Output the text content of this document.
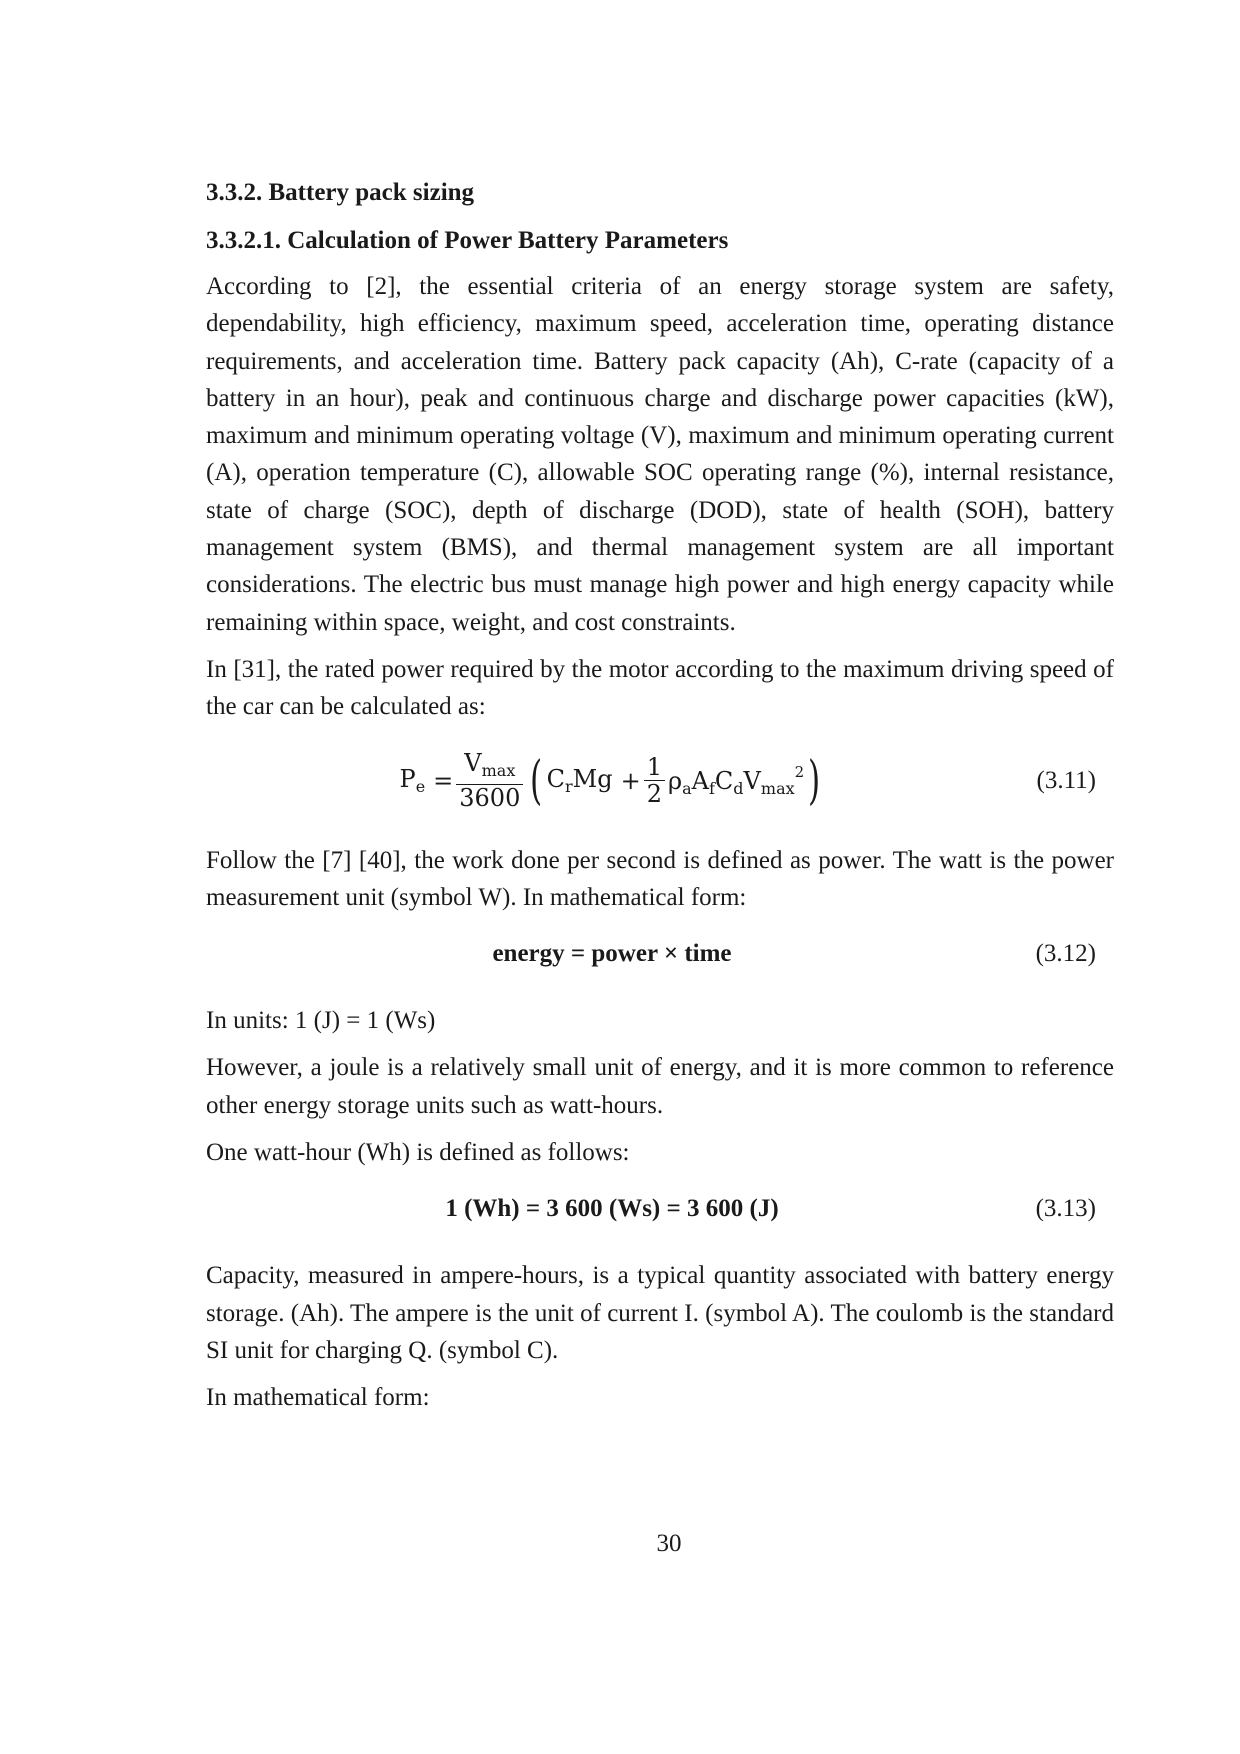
3.3.2. Battery pack sizing
3.3.2.1. Calculation of Power Battery Parameters

According to [2], the essential criteria of an energy storage system are safety, dependability, high efficiency, maximum speed, acceleration time, operating distance requirements, and acceleration time. Battery pack capacity (Ah), C-rate (capacity of a battery in an hour), peak and continuous charge and discharge power capacities (kW), maximum and minimum operating voltage (V), maximum and minimum operating current (A), operation temperature (C), allowable SOC operating range (%), internal resistance, state of charge (SOC), depth of discharge (DOD), state of health (SOH), battery management system (BMS), and thermal management system are all important considerations. The electric bus must manage high power and high energy capacity while remaining within space, weight, and cost constraints.

In [31], the rated power required by the motor according to the maximum driving speed of the car can be calculated as:

$P_e = \frac{V_{max}}{3600}$ ( $C_rMg + \frac{1}{2} \rho_aA_fC_dV_{max}^2$ )	(3.11)

Follow the [7] [40], the work done per second is defined as power. The watt is the power measurement unit (symbol W). In mathematical form:

energy = power × time	(3.12)

In units: 1 (J) = 1 (Ws)

However, a joule is a relatively small unit of energy, and it is more common to reference other energy storage units such as watt-hours.

One watt-hour (Wh) is defined as follows:

1 (Wh) = 3 600 (Ws) = 3 600 (J)	(3.13)

Capacity, measured in ampere-hours, is a typical quantity associated with battery energy storage. (Ah). The ampere is the unit of current I. (symbol A). The coulomb is the standard SI unit for charging Q. (symbol C).

In mathematical form:

30
